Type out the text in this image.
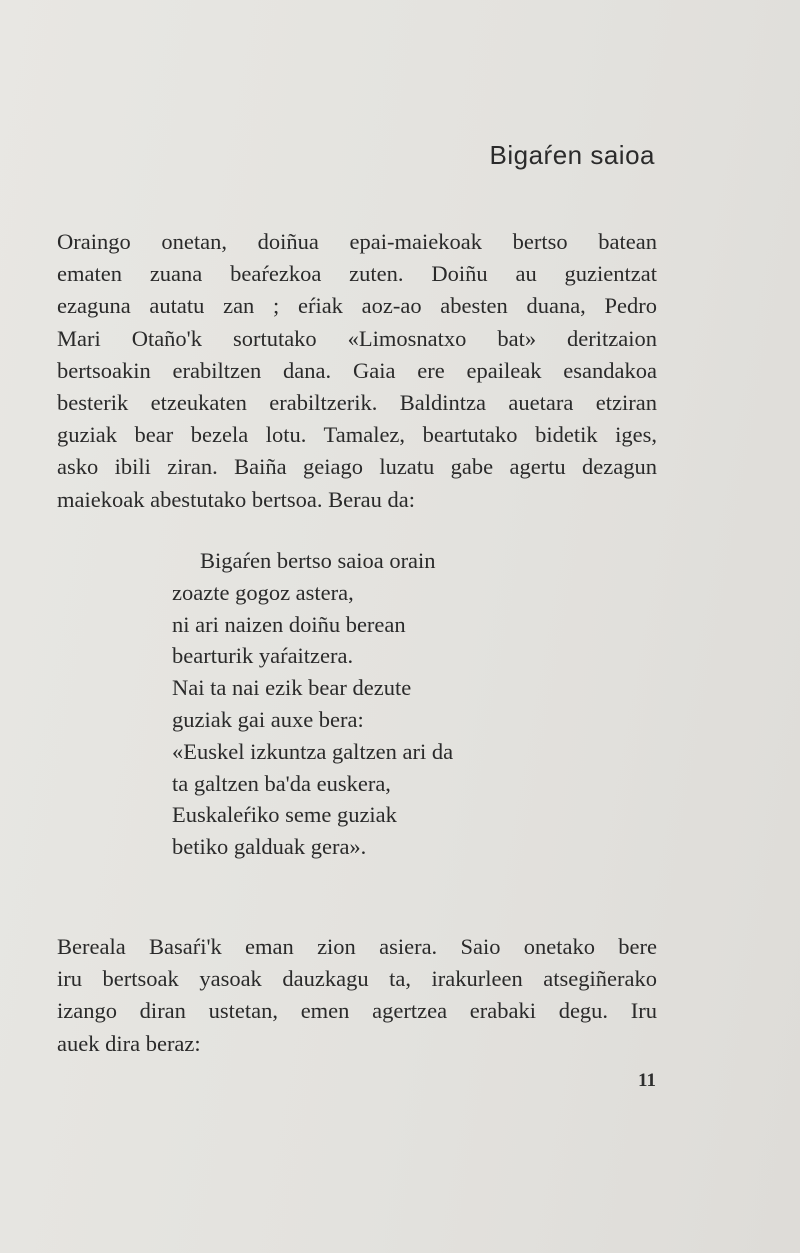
Bigaŕen saioa
Oraingo onetan, doiñua epai-maiekoak bertso batean
ematen zuana beaŕezkoa zuten. Doiñu au guzientzat
ezaguna autatu zan ; eŕiak aoz-ao abesten duana, Pedro
Mari Otaño'k sortutako «Limosnatxo bat» deritzaion
bertsoakin erabiltzen dana. Gaia ere epaileak esandakoa
besterik etzeukaten erabiltzerik. Baldintza auetara etziran
guziak bear bezela lotu. Tamalez, beartutako bidetik iges,
asko ibili ziran. Baiña geiago luzatu gabe agertu dezagun
maiekoak abestutako bertsoa. Berau da:
Bigaŕen bertso saioa orain
zoazte gogoz astera,
ni ari naizen doiñu berean
bearturik yaŕaitzera.
Nai ta nai ezik bear dezute
guziak gai auxe bera:
«Euskel izkuntza galtzen ari da
ta galtzen ba'da euskera,
Euskaleŕiko seme guziak
betiko galduak gera».
Bereala Basaŕi'k eman zion asiera. Saio onetako bere
iru bertsoak yasoak dauzkagu ta, irakurleen atsegiñerako
izango diran ustetan, emen agertzea erabaki degu. Iru
auek dira beraz:
11
